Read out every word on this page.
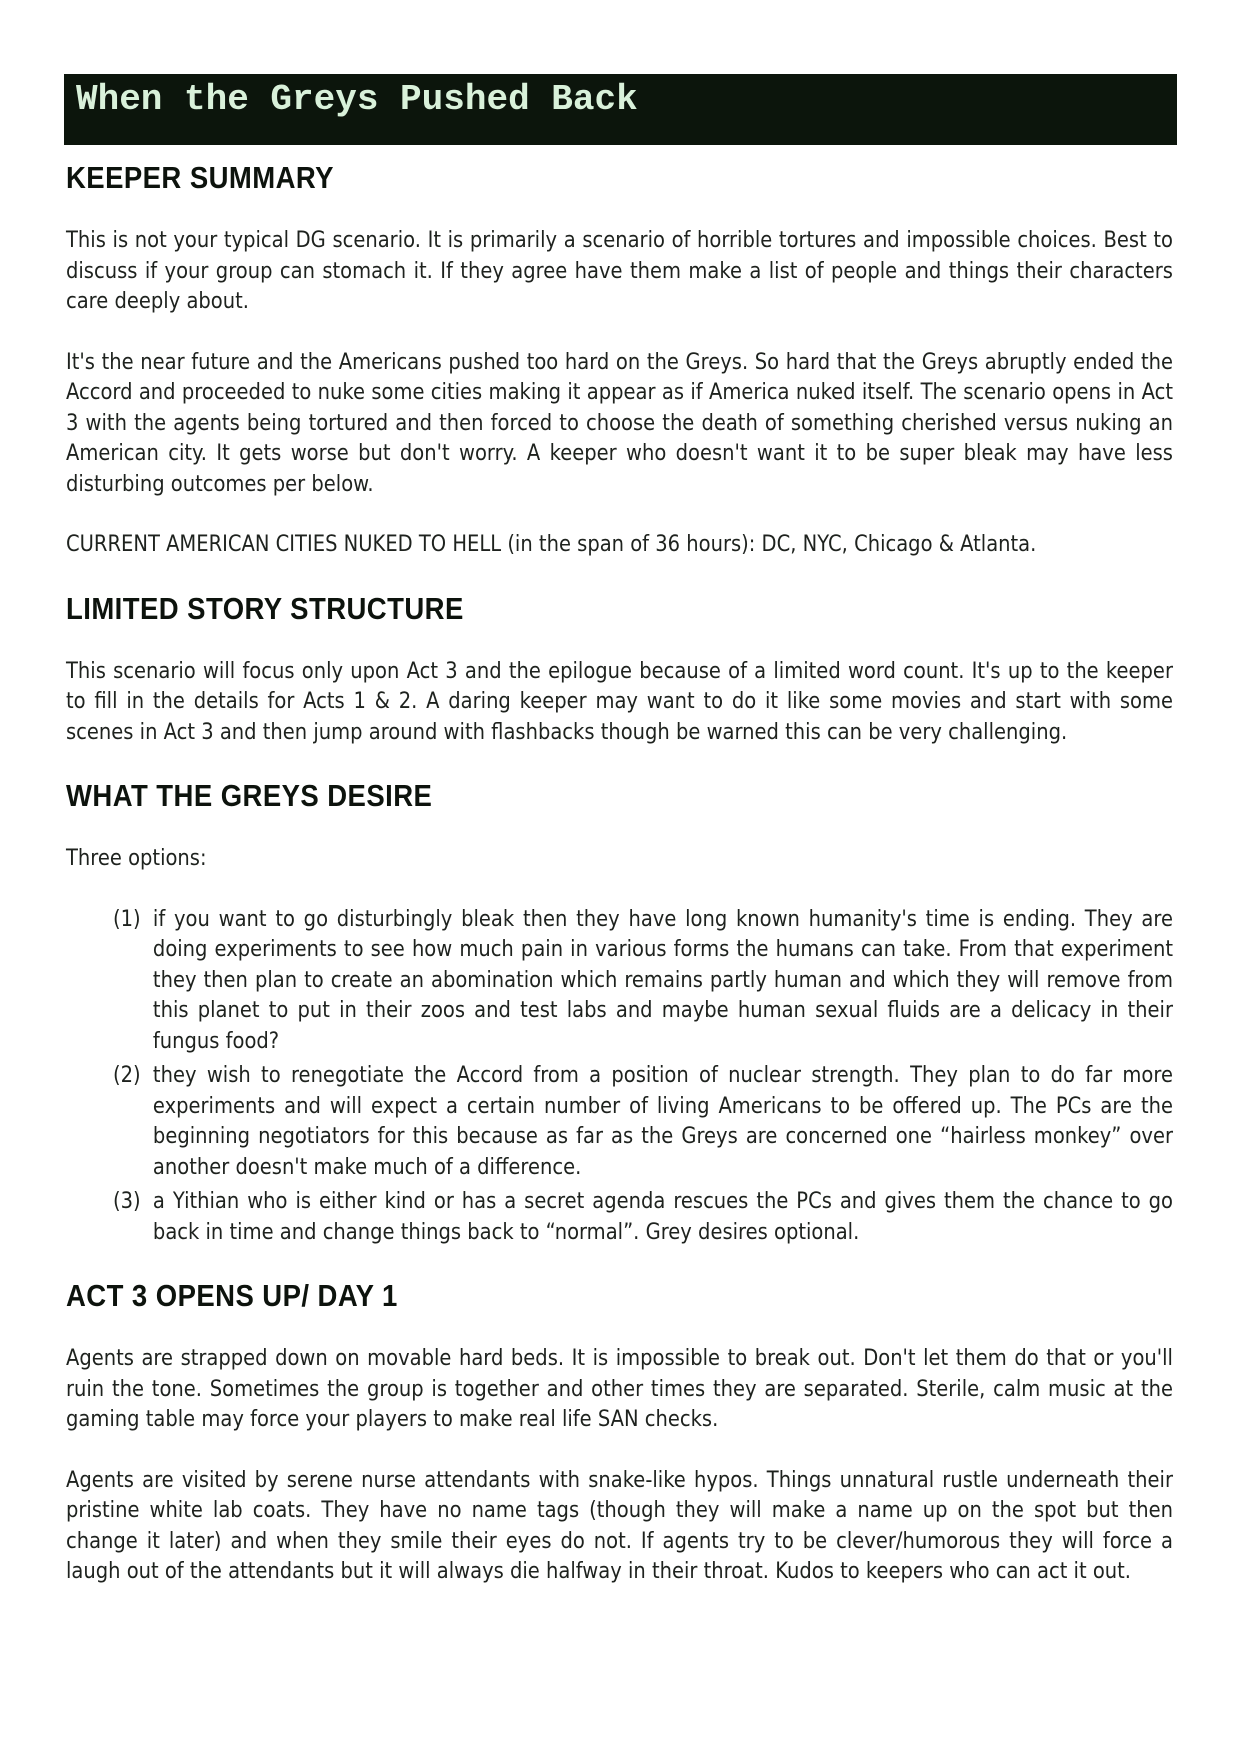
When the Greys Pushed Back
KEEPER SUMMARY

This is not your typical DG scenario. It is primarily a scenario of horrible tortures and impossible choices. Best to discuss if your group can stomach it. If they agree have them make a list of people and things their characters care deeply about.

It's the near future and the Americans pushed too hard on the Greys. So hard that the Greys abruptly ended the Accord and proceeded to nuke some cities making it appear as if America nuked itself. The scenario opens in Act 3 with the agents being tortured and then forced to choose the death of something cherished versus nuking an American city. It gets worse but don't worry. A keeper who doesn't want it to be super bleak may have less disturbing outcomes per below.

CURRENT AMERICAN CITIES NUKED TO HELL (in the span of 36 hours): DC, NYC, Chicago & Atlanta.

LIMITED STORY STRUCTURE

This scenario will focus only upon Act 3 and the epilogue because of a limited word count. It's up to the keeper to fill in the details for Acts 1 & 2. A daring keeper may want to do it like some movies and start with some scenes in Act 3 and then jump around with flashbacks though be warned this can be very challenging.

WHAT THE GREYS DESIRE

Three options:

(1) if you want to go disturbingly bleak then they have long known humanity's time is ending. They are doing experiments to see how much pain in various forms the humans can take. From that experiment they then plan to create an abomination which remains partly human and which they will remove from this planet to put in their zoos and test labs and maybe human sexual fluids are a delicacy in their fungus food?
(2) they wish to renegotiate the Accord from a position of nuclear strength. They plan to do far more experiments and will expect a certain number of living Americans to be offered up. The PCs are the beginning negotiators for this because as far as the Greys are concerned one “hairless monkey” over another doesn't make much of a difference.
(3) a Yithian who is either kind or has a secret agenda rescues the PCs and gives them the chance to go back in time and change things back to “normal”. Grey desires optional.
ACT 3 OPENS UP/ DAY 1

Agents are strapped down on movable hard beds. It is impossible to break out. Don't let them do that or you'll ruin the tone. Sometimes the group is together and other times they are separated. Sterile, calm music at the gaming table may force your players to make real life SAN checks.

Agents are visited by serene nurse attendants with snake-like hypos. Things unnatural rustle underneath their pristine white lab coats. They have no name tags (though they will make a name up on the spot but then change it later) and when they smile their eyes do not. If agents try to be clever/humorous they will force a laugh out of the attendants but it will always die halfway in their throat. Kudos to keepers who can act it out.
